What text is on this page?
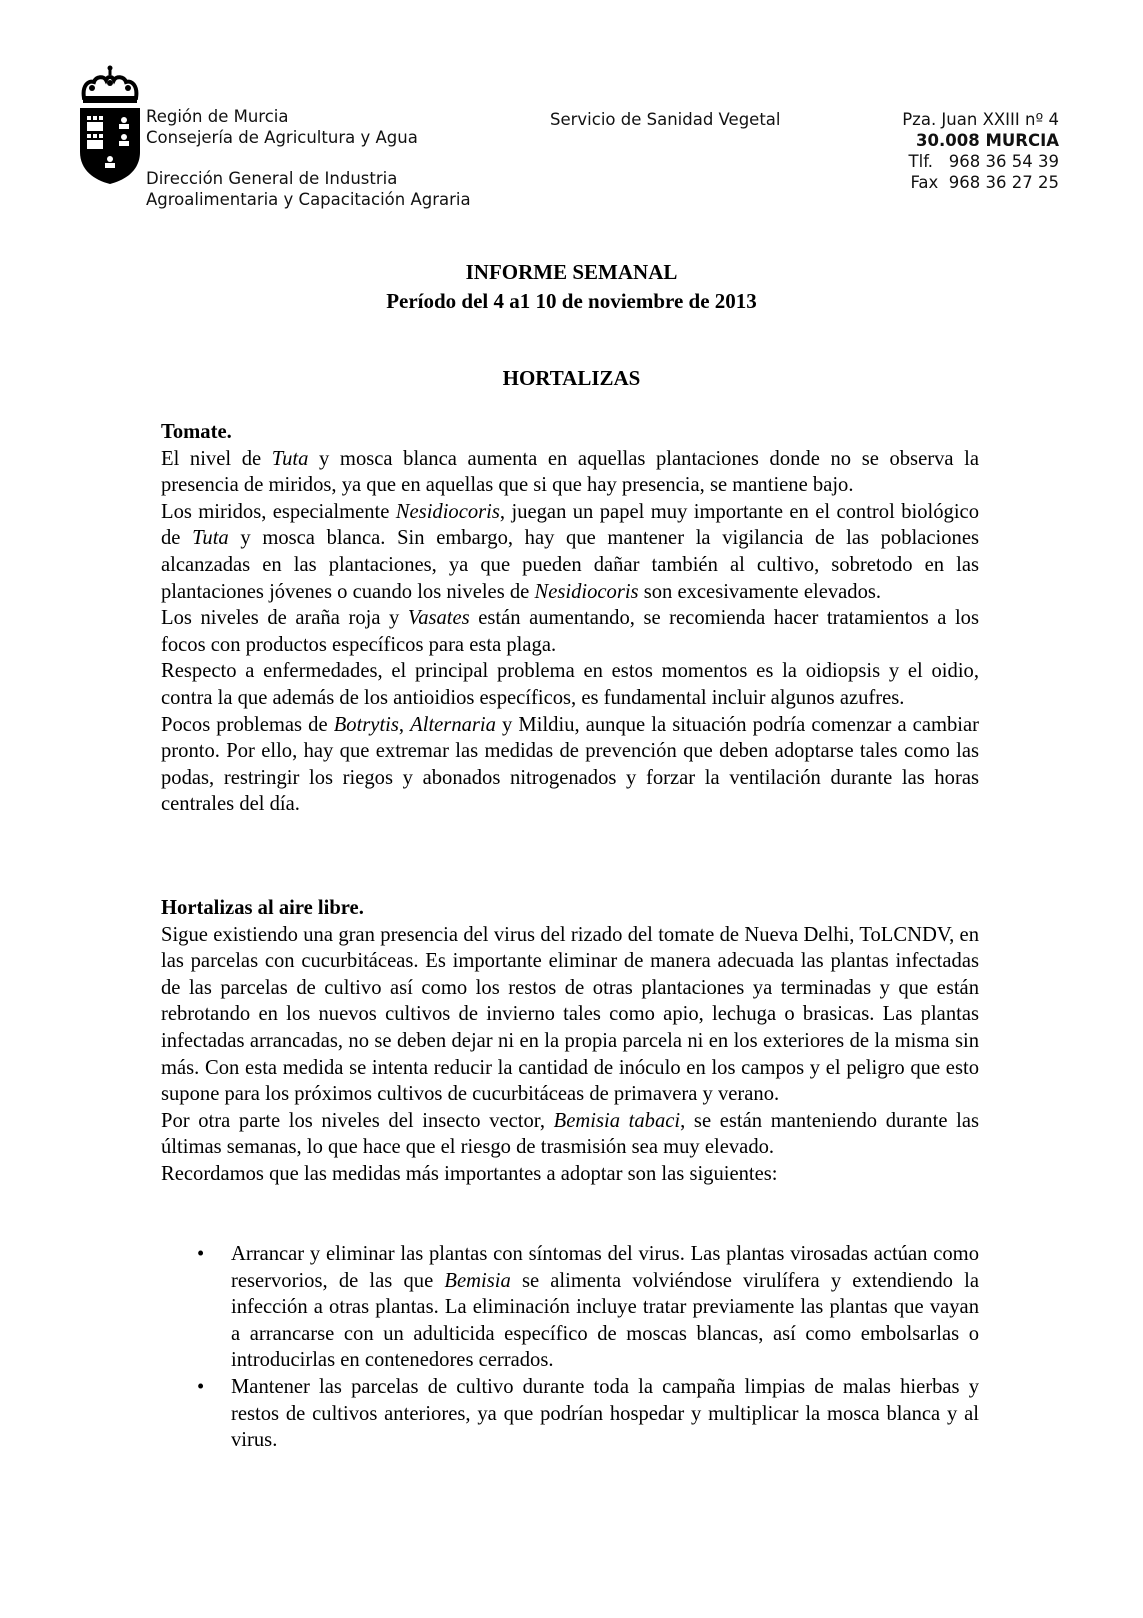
Región de Murcia
Consejería de Agricultura y Agua
Dirección General de Industria
Agroalimentaria y Capacitación Agraria
Servicio de Sanidad Vegetal	Pza. Juan XXIII nº 4
30.008 MURCIA
Tlf.   968 36 54 39
Fax  968 36 27 25
INFORME SEMANAL
Período del 4 a1 10 de noviembre de 2013
HORTALIZAS

Tomate.

El nivel de Tuta y mosca blanca aumenta en aquellas plantaciones donde no se observa la presencia de miridos, ya que en aquellas que si que hay presencia, se mantiene bajo.

Los miridos, especialmente Nesidiocoris, juegan un papel muy importante en el control biológico de Tuta y mosca blanca. Sin embargo, hay que mantener la vigilancia de las poblaciones alcanzadas en las plantaciones, ya que pueden dañar también al cultivo, sobretodo en las plantaciones jóvenes o cuando los niveles de Nesidiocoris son excesivamente elevados.

Los niveles de araña roja y Vasates están aumentando, se recomienda hacer tratamientos a los focos con productos específicos para esta plaga.

Respecto a enfermedades, el principal problema en estos momentos es la oidiopsis y el oidio, contra la que además de los antioidios específicos, es fundamental incluir algunos azufres.

Pocos problemas de Botrytis, Alternaria y Mildiu, aunque la situación podría comenzar a cambiar pronto. Por ello, hay que extremar las medidas de prevención que deben adoptarse tales como las podas, restringir los riegos y abonados nitrogenados y forzar la ventilación durante las horas centrales del día.

Hortalizas al aire libre.

Sigue existiendo una gran presencia del virus del rizado del tomate de Nueva Delhi, ToLCNDV, en las parcelas con cucurbitáceas. Es importante eliminar de manera adecuada las plantas infectadas de las parcelas de cultivo así como los restos de otras plantaciones ya terminadas y que están rebrotando en los nuevos cultivos de invierno tales como apio, lechuga o brasicas. Las plantas infectadas arrancadas, no se deben dejar ni en la propia parcela ni en los exteriores de la misma sin más. Con esta medida se intenta reducir la cantidad de inóculo en los campos y el peligro que esto supone para los próximos cultivos de cucurbitáceas de primavera y verano.

Por otra parte los niveles del insecto vector, Bemisia tabaci, se están manteniendo durante las últimas semanas, lo que hace que el riesgo de trasmisión sea muy elevado.

Recordamos que las medidas más importantes a adoptar son las siguientes:

• Arrancar y eliminar las plantas con síntomas del virus. Las plantas virosadas actúan como reservorios, de las que Bemisia se alimenta volviéndose virulífera y extendiendo la infección a otras plantas. La eliminación incluye tratar previamente las plantas que vayan a arrancarse con un adulticida específico de moscas blancas, así como embolsarlas o introducirlas en contenedores cerrados.
• Mantener las parcelas de cultivo durante toda la campaña limpias de malas hierbas y restos de cultivos anteriores, ya que podrían hospedar y multiplicar la mosca blanca y al virus.
